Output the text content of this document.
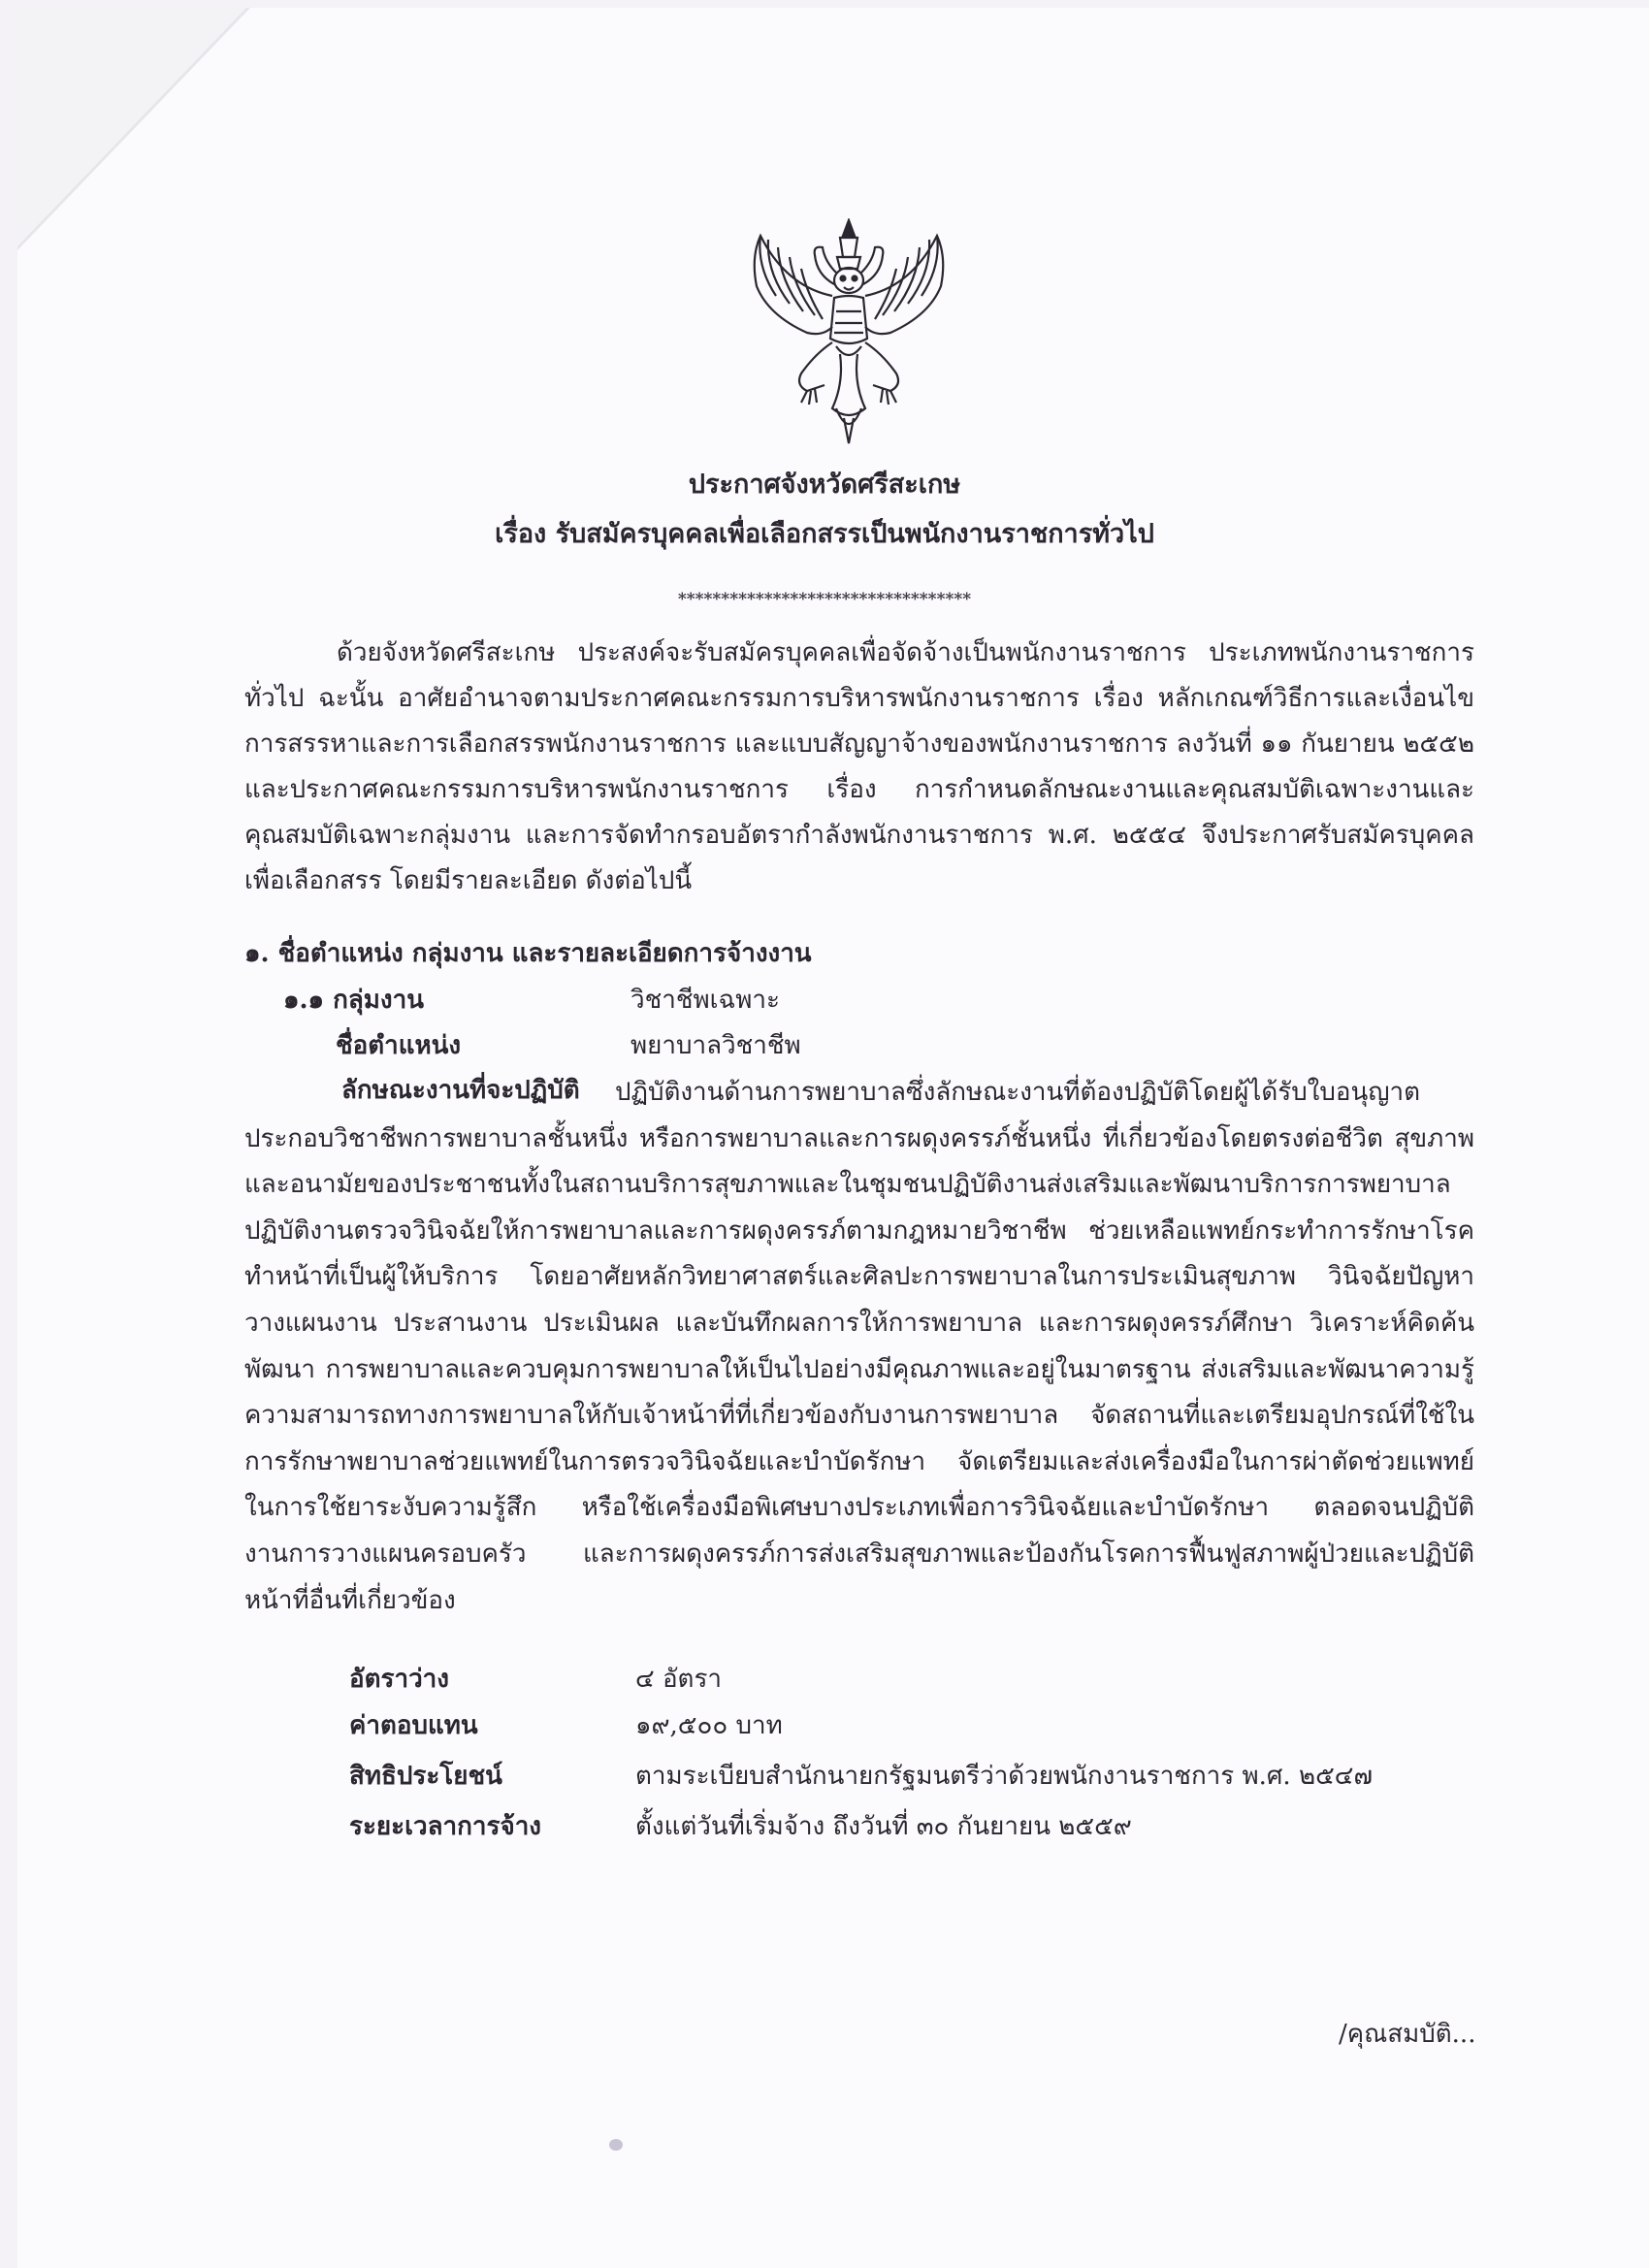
ประกาศจังหวัดศรีสะเกษ
เรื่อง รับสมัครบุคคลเพื่อเลือกสรรเป็นพนักงานราชการทั่วไป
**********************************
ด้วยจังหวัดศรีสะเกษ ประสงค์จะรับสมัครบุคคลเพื่อจัดจ้างเป็นพนักงานราชการ ประเภทพนักงานราชการทั่วไป ฉะนั้น อาศัยอำนาจตามประกาศคณะกรรมการบริหารพนักงานราชการ เรื่อง หลักเกณฑ์วิธีการและเงื่อนไขการสรรหาและการเลือกสรรพนักงานราชการ และแบบสัญญาจ้างของพนักงานราชการ ลงวันที่ ๑๑ กันยายน ๒๕๕๒ และประกาศคณะกรรมการบริหารพนักงานราชการ เรื่อง การกำหนดลักษณะงานและคุณสมบัติเฉพาะงานและคุณสมบัติเฉพาะกลุ่มงาน และการจัดทำกรอบอัตรากำลังพนักงานราชการ พ.ศ. ๒๕๕๔ จึงประกาศรับสมัครบุคคลเพื่อเลือกสรร โดยมีรายละเอียด ดังต่อไปนี้
๑. ชื่อตำแหน่ง กลุ่มงาน และรายละเอียดการจ้างงาน
๑.๑ กลุ่มงาน	วิชาชีพเฉพาะ
ชื่อตำแหน่ง	พยาบาลวิชาชีพ
ลักษณะงานที่จะปฏิบัติ	ปฏิบัติงานด้านการพยาบาลซึ่งลักษณะงานที่ต้องปฏิบัติโดยผู้ได้รับใบอนุญาตประกอบวิชาชีพการพยาบาลชั้นหนึ่ง หรือการพยาบาลและการผดุงครรภ์ชั้นหนึ่ง ที่เกี่ยวข้องโดยตรงต่อชีวิต สุขภาพ และอนามัยของประชาชนทั้งในสถานบริการสุขภาพและในชุมชนปฏิบัติงานส่งเสริมและพัฒนาบริการการพยาบาล ปฏิบัติงานตรวจวินิจฉัยให้การพยาบาลและการผดุงครรภ์ตามกฎหมายวิชาชีพ ช่วยเหลือแพทย์กระทำการรักษาโรค ทำหน้าที่เป็นผู้ให้บริการ โดยอาศัยหลักวิทยาศาสตร์และศิลปะการพยาบาลในการประเมินสุขภาพ วินิจฉัยปัญหา วางแผนงาน ประสานงาน ประเมินผล และบันทึกผลการให้การพยาบาล และการผดุงครรภ์ศึกษา วิเคราะห์คิดค้น พัฒนา การพยาบาลและควบคุมการพยาบาลให้เป็นไปอย่างมีคุณภาพและอยู่ในมาตรฐาน ส่งเสริมและพัฒนาความรู้ความสามารถทางการพยาบาลให้กับเจ้าหน้าที่ที่เกี่ยวข้องกับงานการพยาบาล จัดสถานที่และเตรียมอุปกรณ์ที่ใช้ในการรักษาพยาบาลช่วยแพทย์ในการตรวจวินิจฉัยและบำบัดรักษา จัดเตรียมและส่งเครื่องมือในการผ่าตัดช่วยแพทย์ในการใช้ยาระงับความรู้สึก หรือใช้เครื่องมือพิเศษบางประเภทเพื่อการวินิจฉัยและบำบัดรักษา ตลอดจนปฏิบัติงานการวางแผนครอบครัว และการผดุงครรภ์การส่งเสริมสุขภาพและป้องกันโรคการฟื้นฟูสภาพผู้ป่วยและปฏิบัติหน้าที่อื่นที่เกี่ยวข้อง
อัตราว่าง	๔ อัตรา
ค่าตอบแทน	๑๙,๕๐๐ บาท
สิทธิประโยชน์	ตามระเบียบสำนักนายกรัฐมนตรีว่าด้วยพนักงานราชการ พ.ศ. ๒๕๔๗
ระยะเวลาการจ้าง	ตั้งแต่วันที่เริ่มจ้าง ถึงวันที่ ๓๐ กันยายน ๒๕๕๙
/คุณสมบัติ...
